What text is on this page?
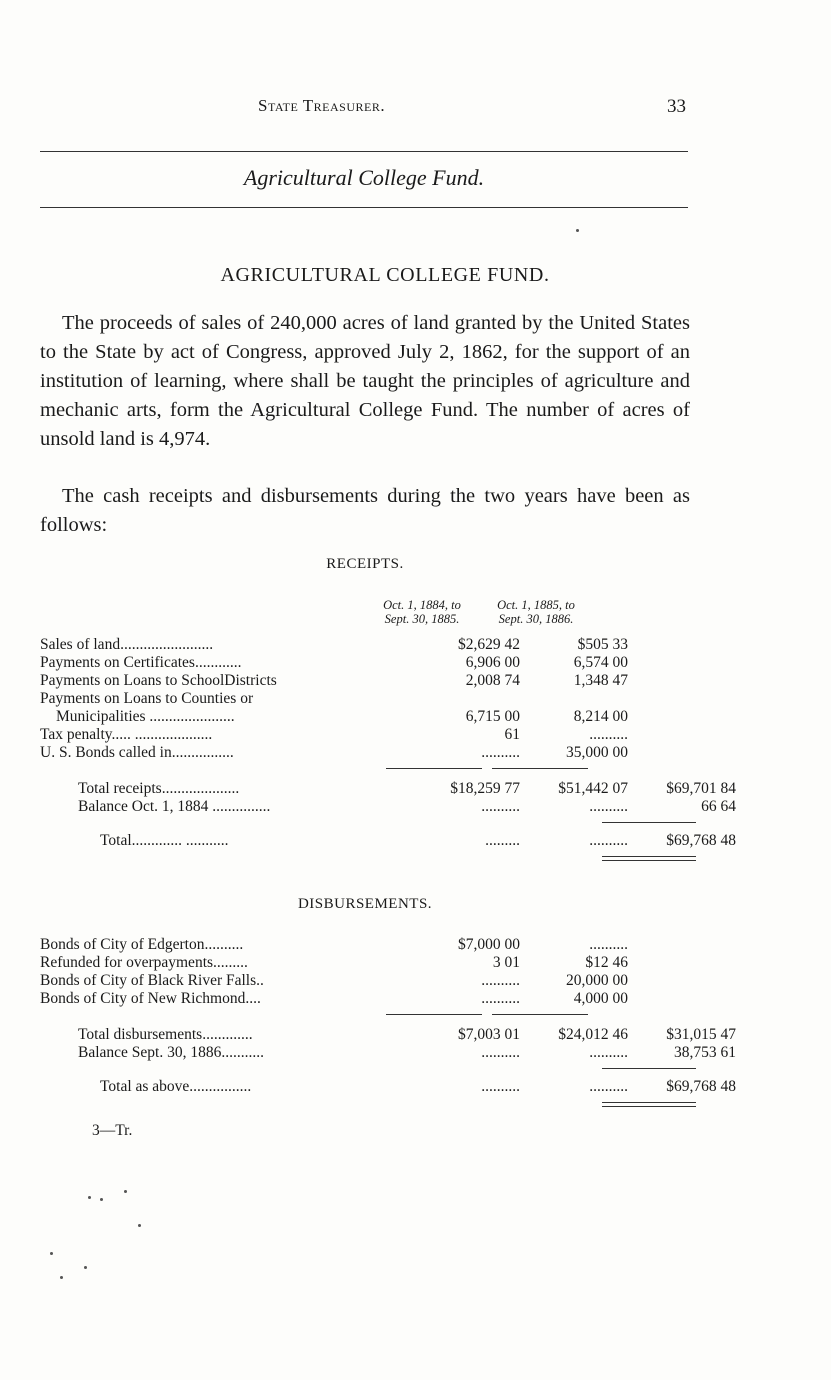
State Treasurer.	33
Agricultural College Fund.
AGRICULTURAL COLLEGE FUND.
The proceeds of sales of 240,000 acres of land granted by the United States to the State by act of Congress, approved July 2, 1862, for the support of an institution of learning, where shall be taught the principles of agriculture and mechanic arts, form the Agricultural College Fund. The number of acres of unsold land is 4,974.
The cash receipts and disbursements during the two years have been as follows:
RECEIPTS.
Oct. 1, 1884, to
Sept. 30, 1885.
Oct. 1, 1885, to
Sept. 30, 1886.
Sales of land........................	$2,629 42	$505 33
Payments on Certificates............	6,906 00	6,574 00
Payments on Loans to SchoolDistricts	2,008 74	1,348 47
Payments on Loans to Counties or
Municipalities ......................	6,715 00	8,214 00
Tax penalty..... ....................	61	..........
U. S. Bonds called in................	..........	35,000 00
Total receipts....................	$18,259 77	$51,442 07	$69,701 84
Balance Oct. 1, 1884 ...............	..........	..........	66 64
Total............. ...........	.........	..........	$69,768 48
DISBURSEMENTS.
Bonds of City of Edgerton..........	$7,000 00	..........
Refunded for overpayments.........	3 01	$12 46
Bonds of City of Black River Falls..	..........	20,000 00
Bonds of City of New Richmond....	..........	4,000 00
Total disbursements.............	$7,003 01	$24,012 46	$31,015 47
Balance Sept. 30, 1886...........	..........	..........	38,753 61
Total as above................	..........	..........	$69,768 48
3—Tr.
